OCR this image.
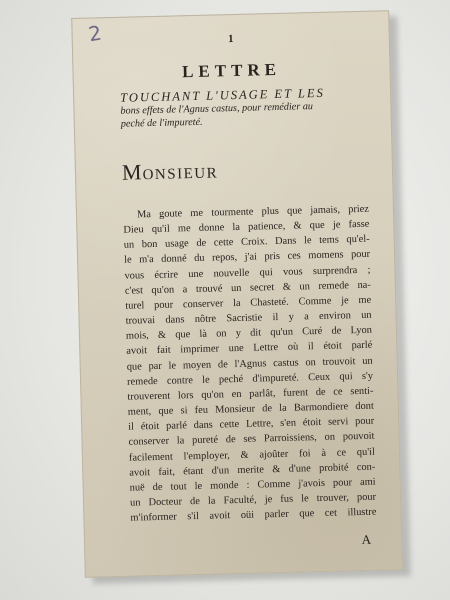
2	1
LETTRE
TOUCHANT L'USAGE ET LES
bons effets de l'Agnus castus, pour remédier au
peché de l'impureté.
MONSIEUR
Ma goute me tourmente plus que jamais, priez
Dieu qu'il me donne la patience, & que je fasse
un bon usage de cette Croix. Dans le tems qu'el-
le m'a donné du repos, j'ai pris ces momens pour
vous écrire une nouvelle qui vous surprendra ;
c'est qu'on a trouvé un secret & un remede na-
turel pour conserver la Chasteté. Comme je me
trouvai dans nôtre Sacristie il y a environ un
mois, & que là on y dit qu'un Curé de Lyon
avoit fait imprimer une Lettre où il étoit parlé
que par le moyen de l'Agnus castus on trouvoit un
remede contre le peché d'impureté. Ceux qui s'y
trouverent lors qu'on en parlât, furent de ce senti-
ment, que si feu Monsieur de la Barmondiere dont
il étoit parlé dans cette Lettre, s'en étoit servi pour
conserver la pureté de ses Parroissiens, on pouvoit
facilement l'employer, & ajoûter foi à ce qu'il
avoit fait, étant d'un merite & d'une probité con-
nuë de tout le monde : Comme j'avois pour ami
un Docteur de la Faculté, je fus le trouver, pour
m'informer s'il avoit oüi parler que cet illustre
A
